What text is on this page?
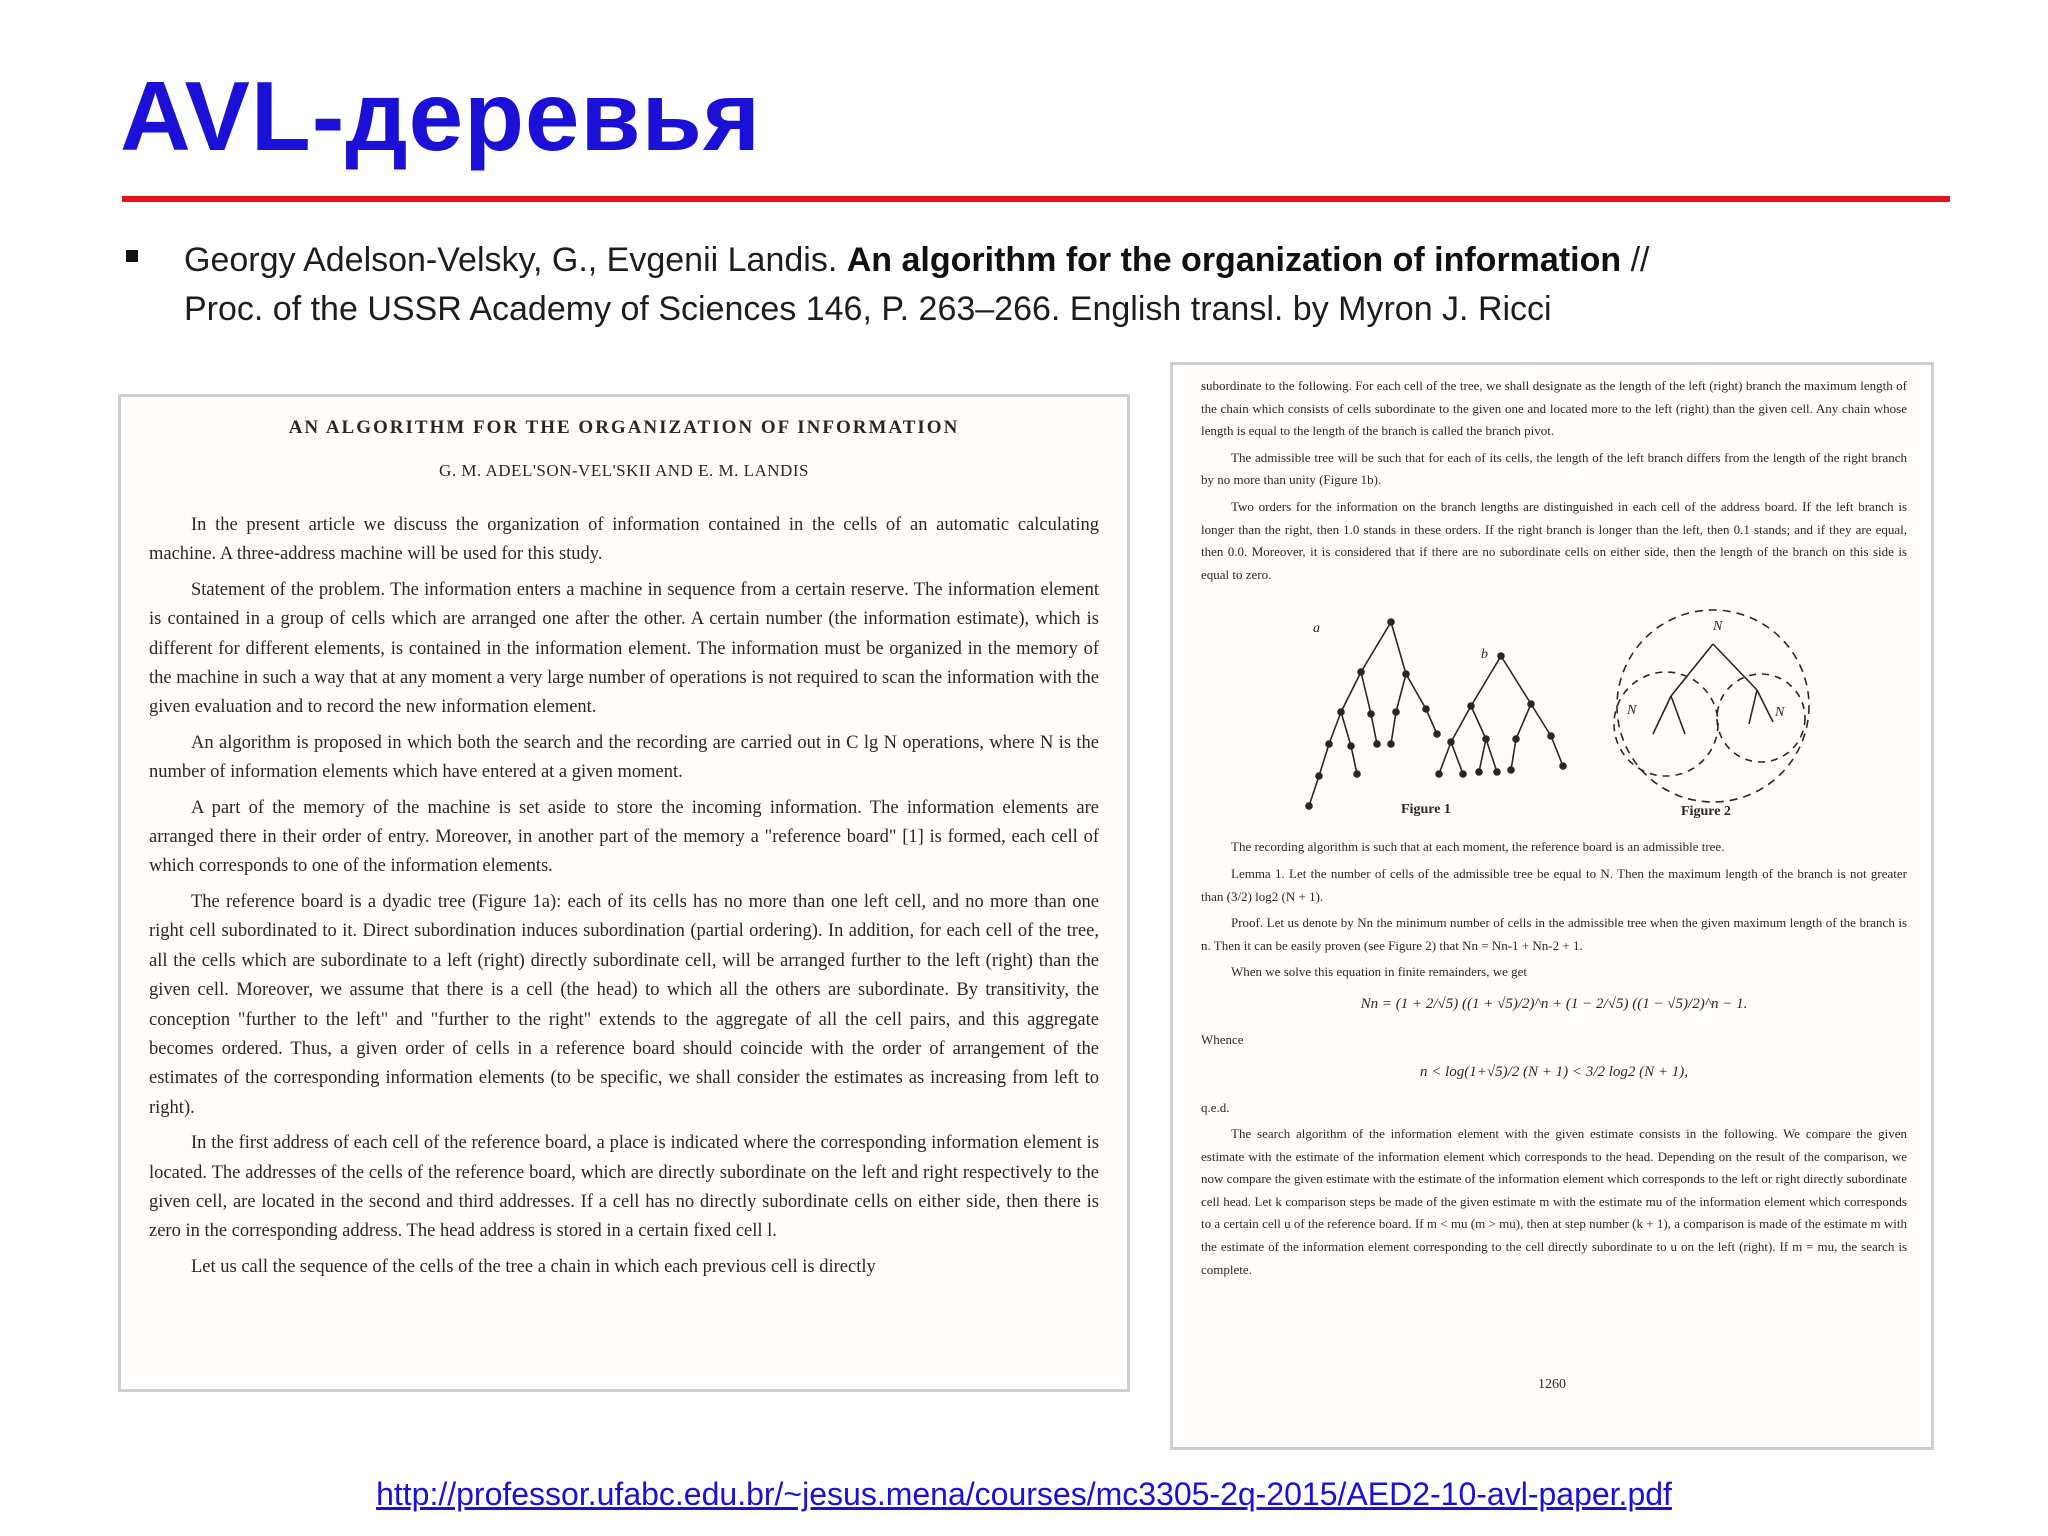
AVL-деревья
Georgy Adelson-Velsky, G., Evgenii Landis. An algorithm for the organization of information //
Proc. of the USSR Academy of Sciences 146, P. 263–266. English transl. by Myron J. Ricci
AN ALGORITHM FOR THE ORGANIZATION OF INFORMATION
G. M. ADEL'SON-VEL'SKII AND E. M. LANDIS

In the present article we discuss the organization of information contained in the cells of an automatic calculating machine. A three-address machine will be used for this study.

Statement of the problem. The information enters a machine in sequence from a certain reserve. The information element is contained in a group of cells which are arranged one after the other. A certain number (the information estimate), which is different for different elements, is contained in the information element. The information must be organized in the memory of the machine in such a way that at any moment a very large number of operations is not required to scan the information with the given evaluation and to record the new information element.

An algorithm is proposed in which both the search and the recording are carried out in C lg N operations, where N is the number of information elements which have entered at a given moment.

A part of the memory of the machine is set aside to store the incoming information. The information elements are arranged there in their order of entry. Moreover, in another part of the memory a "reference board" [1] is formed, each cell of which corresponds to one of the information elements.

The reference board is a dyadic tree (Figure 1a): each of its cells has no more than one left cell, and no more than one right cell subordinated to it. Direct subordination induces subordination (partial ordering). In addition, for each cell of the tree, all the cells which are subordinate to a left (right) directly subordinate cell, will be arranged further to the left (right) than the given cell. Moreover, we assume that there is a cell (the head) to which all the others are subordinate. By transitivity, the conception "further to the left" and "further to the right" extends to the aggregate of all the cell pairs, and this aggregate becomes ordered. Thus, a given order of cells in a reference board should coincide with the order of arrangement of the estimates of the corresponding information elements (to be specific, we shall consider the estimates as increasing from left to right).

In the first address of each cell of the reference board, a place is indicated where the corresponding information element is located. The addresses of the cells of the reference board, which are directly subordinate on the left and right respectively to the given cell, are located in the second and third addresses. If a cell has no directly subordinate cells on either side, then there is zero in the corresponding address. The head address is stored in a certain fixed cell l.

Let us call the sequence of the cells of the tree a chain in which each previous cell is directly

subordinate to the following. For each cell of the tree, we shall designate as the length of the left (right) branch the maximum length of the chain which consists of cells subordinate to the given one and located more to the left (right) than the given cell. Any chain whose length is equal to the length of the branch is called the branch pivot.

The admissible tree will be such that for each of its cells, the length of the left branch differs from the length of the right branch by no more than unity (Figure 1b).

Two orders for the information on the branch lengths are distinguished in each cell of the address board. If the left branch is longer than the right, then 1.0 stands in these orders. If the right branch is longer than the left, then 0.1 stands; and if they are equal, then 0.0. Moreover, it is considered that if there are no subordinate cells on either side, then the length of the branch on this side is equal to zero.

a
b
N
N	N
Figure 1	Figure 2

The recording algorithm is such that at each moment, the reference board is an admissible tree.

Lemma 1. Let the number of cells of the admissible tree be equal to N. Then the maximum length of the branch is not greater than (3/2) log2 (N + 1).

Proof. Let us denote by Nn the minimum number of cells in the admissible tree when the given maximum length of the branch is n. Then it can be easily proven (see Figure 2) that Nn = Nn-1 + Nn-2 + 1.

When we solve this equation in finite remainders, we get

Nn = (1 + 2/√5) ((1 + √5)/2)^n + (1 − 2/√5) ((1 − √5)/2)^n − 1.

Whence

n < log(1+√5)/2 (N + 1) < 3/2 log2 (N + 1),

q.e.d.

The search algorithm of the information element with the given estimate consists in the following. We compare the given estimate with the estimate of the information element which corresponds to the head. Depending on the result of the comparison, we now compare the given estimate with the estimate of the information element which corresponds to the left or right directly subordinate cell head. Let k comparison steps be made of the given estimate m with the estimate mu of the information element which corresponds to a certain cell u of the reference board. If m < mu (m > mu), then at step number (k + 1), a comparison is made of the estimate m with the estimate of the information element corresponding to the cell directly subordinate to u on the left (right). If m = mu, the search is complete.

1260
http://professor.ufabc.edu.br/~jesus.mena/courses/mc3305-2q-2015/AED2-10-avl-paper.pdf
